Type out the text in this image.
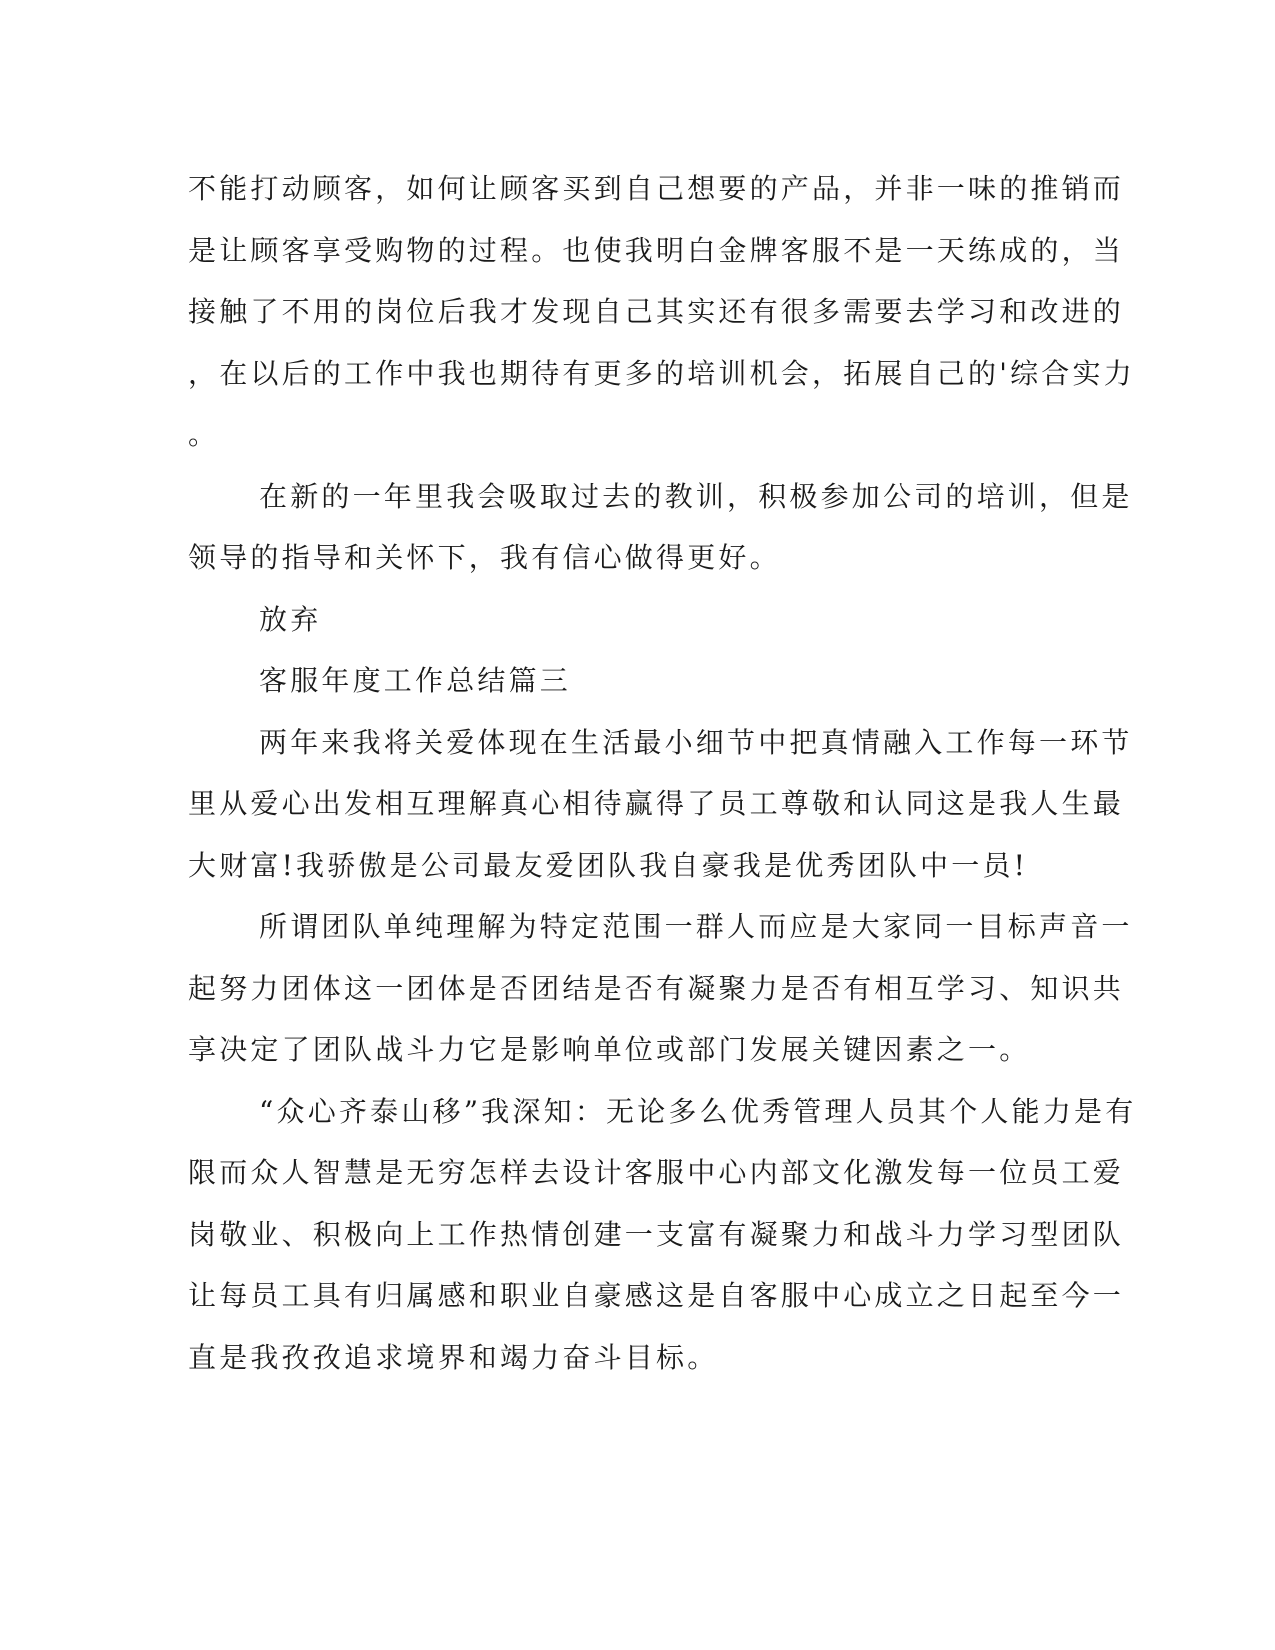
不能打动顾客，如何让顾客买到自己想要的产品，并非一味的推销而
是让顾客享受购物的过程。也使我明白金牌客服不是一天练成的，当
接触了不用的岗位后我才发现自己其实还有很多需要去学习和改进的
，在以后的工作中我也期待有更多的培训机会，拓展自己的'综合实力
。
在新的一年里我会吸取过去的教训，积极参加公司的培训，但是
领导的指导和关怀下，我有信心做得更好。
放弃
客服年度工作总结篇三
两年来我将关爱体现在生活最小细节中把真情融入工作每一环节
里从爱心出发相互理解真心相待赢得了员工尊敬和认同这是我人生最
大财富!我骄傲是公司最友爱团队我自豪我是优秀团队中一员!
所谓团队单纯理解为特定范围一群人而应是大家同一目标声音一
起努力团体这一团体是否团结是否有凝聚力是否有相互学习、知识共
享决定了团队战斗力它是影响单位或部门发展关键因素之一。
“众心齐泰山移”我深知：无论多么优秀管理人员其个人能力是有
限而众人智慧是无穷怎样去设计客服中心内部文化激发每一位员工爱
岗敬业、积极向上工作热情创建一支富有凝聚力和战斗力学习型团队
让每员工具有归属感和职业自豪感这是自客服中心成立之日起至今一
直是我孜孜追求境界和竭力奋斗目标。
